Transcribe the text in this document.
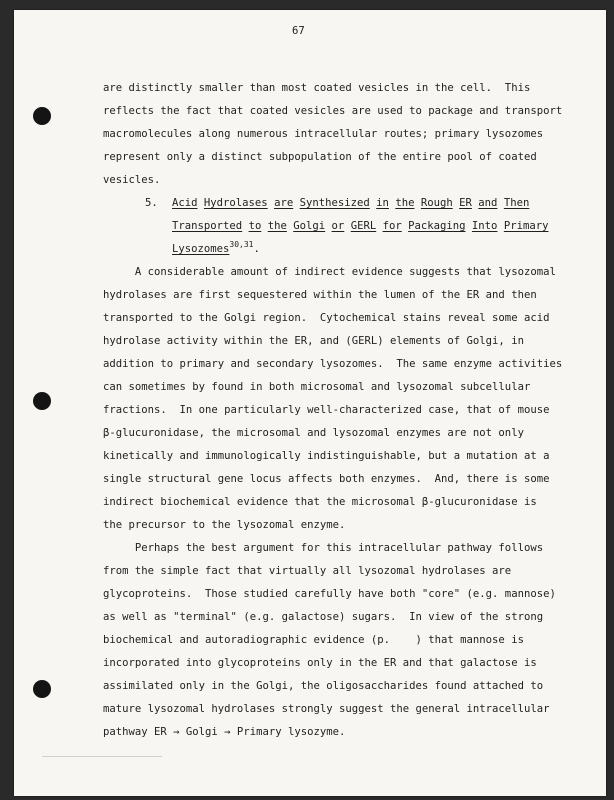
67
are distinctly smaller than most coated vesicles in the cell.  This
reflects the fact that coated vesicles are used to package and transport
macromolecules along numerous intracellular routes; primary lysozomes
represent only a distinct subpopulation of the entire pool of coated
vesicles.
5. Acid Hydrolases are Synthesized in the Rough ER and Then
Transported to the Golgi or GERL for Packaging Into Primary
Lysozomes$^{30,31}$.
A considerable amount of indirect evidence suggests that lysozomal
hydrolases are first sequestered within the lumen of the ER and then
transported to the Golgi region.  Cytochemical stains reveal some acid
hydrolase activity within the ER, and (GERL) elements of Golgi, in
addition to primary and secondary lysozomes.  The same enzyme activities
can sometimes by found in both microsomal and lysozomal subcellular
fractions.  In one particularly well-characterized case, that of mouse
β-glucuronidase, the microsomal and lysozomal enzymes are not only
kinetically and immunologically indistinguishable, but a mutation at a
single structural gene locus affects both enzymes.  And, there is some
indirect biochemical evidence that the microsomal β-glucuronidase is
the precursor to the lysozomal enzyme.
Perhaps the best argument for this intracellular pathway follows
from the simple fact that virtually all lysozomal hydrolases are
glycoproteins.  Those studied carefully have both "core" (e.g. mannose)
as well as "terminal" (e.g. galactose) sugars.  In view of the strong
biochemical and autoradiographic evidence (p.    ) that mannose is
incorporated into glycoproteins only in the ER and that galactose is
assimilated only in the Golgi, the oligosaccharides found attached to
mature lysozomal hydrolases strongly suggest the general intracellular
pathway ER → Golgi → Primary lysozyme.
